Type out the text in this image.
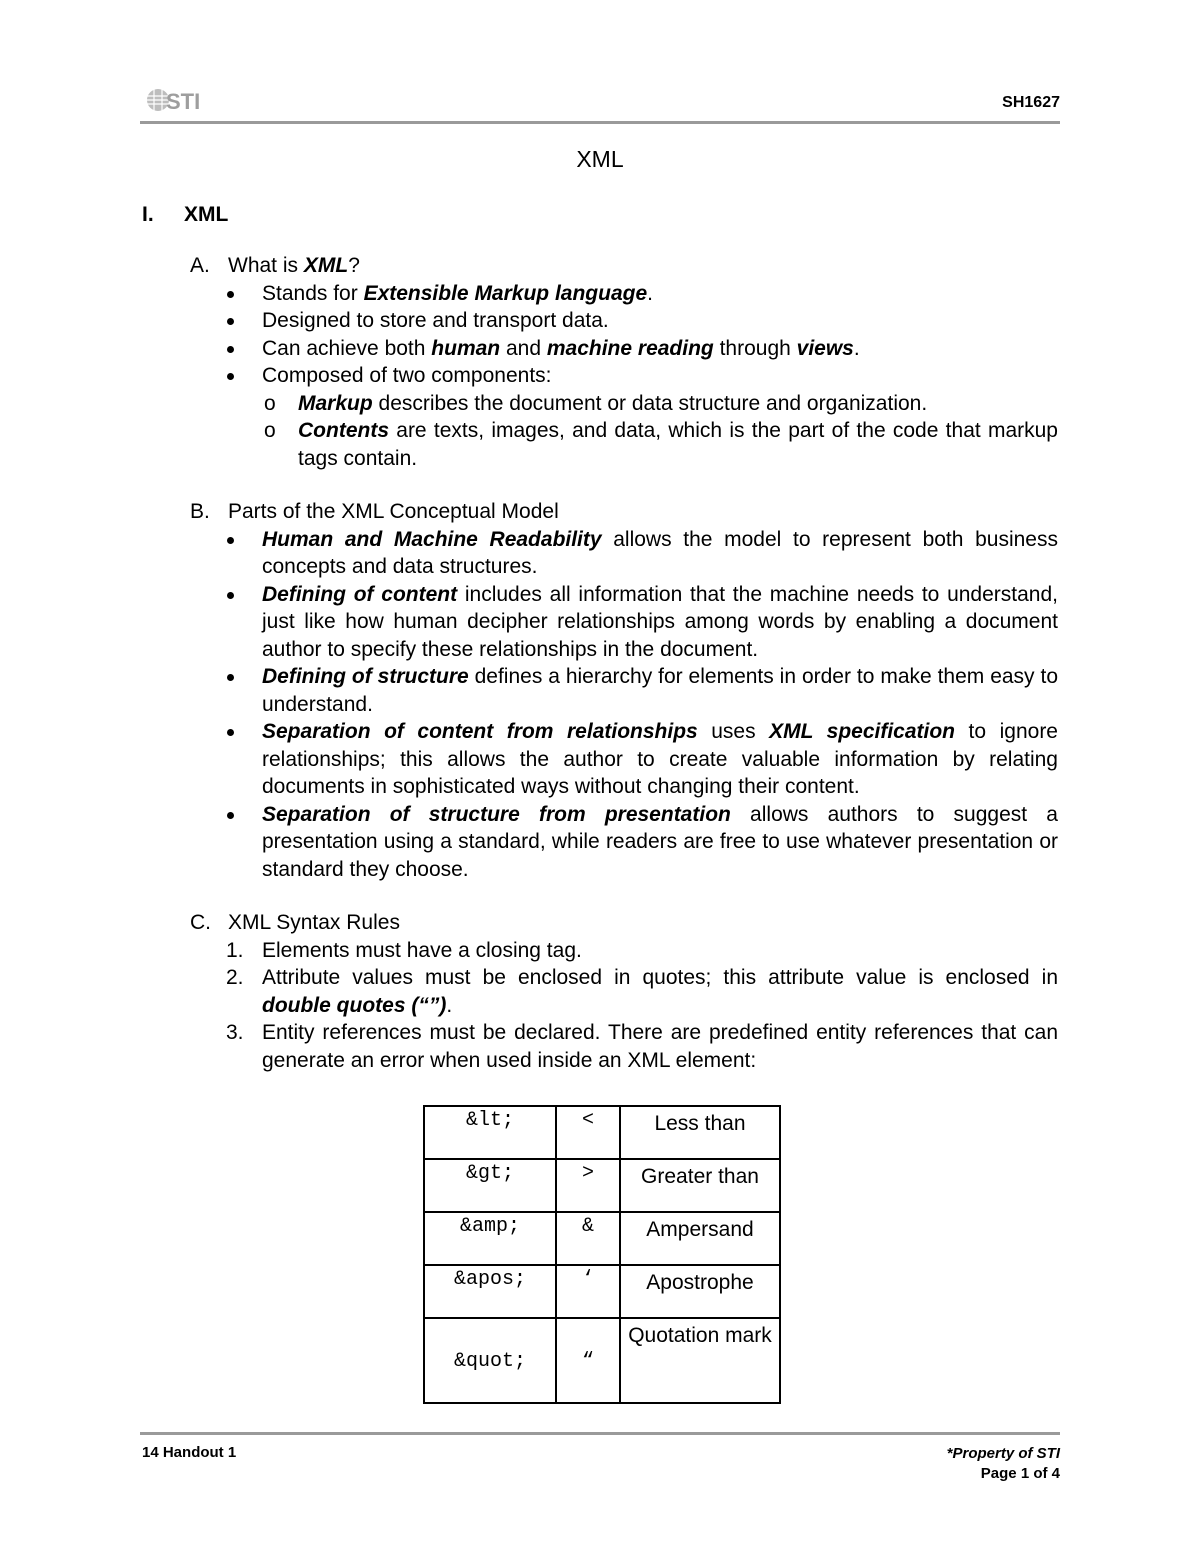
STI	SH1627
XML
I. XML
A. What is XML?
Stands for Extensible Markup language.
Designed to store and transport data.
Can achieve both human and machine reading through views.
Composed of two components:
o Markup describes the document or data structure and organization.
o Contents are texts, images, and data, which is the part of the code that markup tags contain.
B. Parts of the XML Conceptual Model
Human and Machine Readability allows the model to represent both business concepts and data structures.
Defining of content includes all information that the machine needs to understand, just like how human decipher relationships among words by enabling a document author to specify these relationships in the document.
Defining of structure defines a hierarchy for elements in order to make them easy to understand.
Separation of content from relationships uses XML specification to ignore relationships; this allows the author to create valuable information by relating documents in sophisticated ways without changing their content.
Separation of structure from presentation allows authors to suggest a presentation using a standard, while readers are free to use whatever presentation or standard they choose.
C. XML Syntax Rules
1. Elements must have a closing tag.
2. Attribute values must be enclosed in quotes; this attribute value is enclosed in double quotes (“”).
3. Entity references must be declared. There are predefined entity references that can generate an error when used inside an XML element:
&lt;	<	Less than
&gt;	>	Greater than
&amp;	&	Ampersand
&apos;	‘	Apostrophe
&quot;	“	Quotation mark
14 Handout 1	*Property of STI
Page 1 of 4
